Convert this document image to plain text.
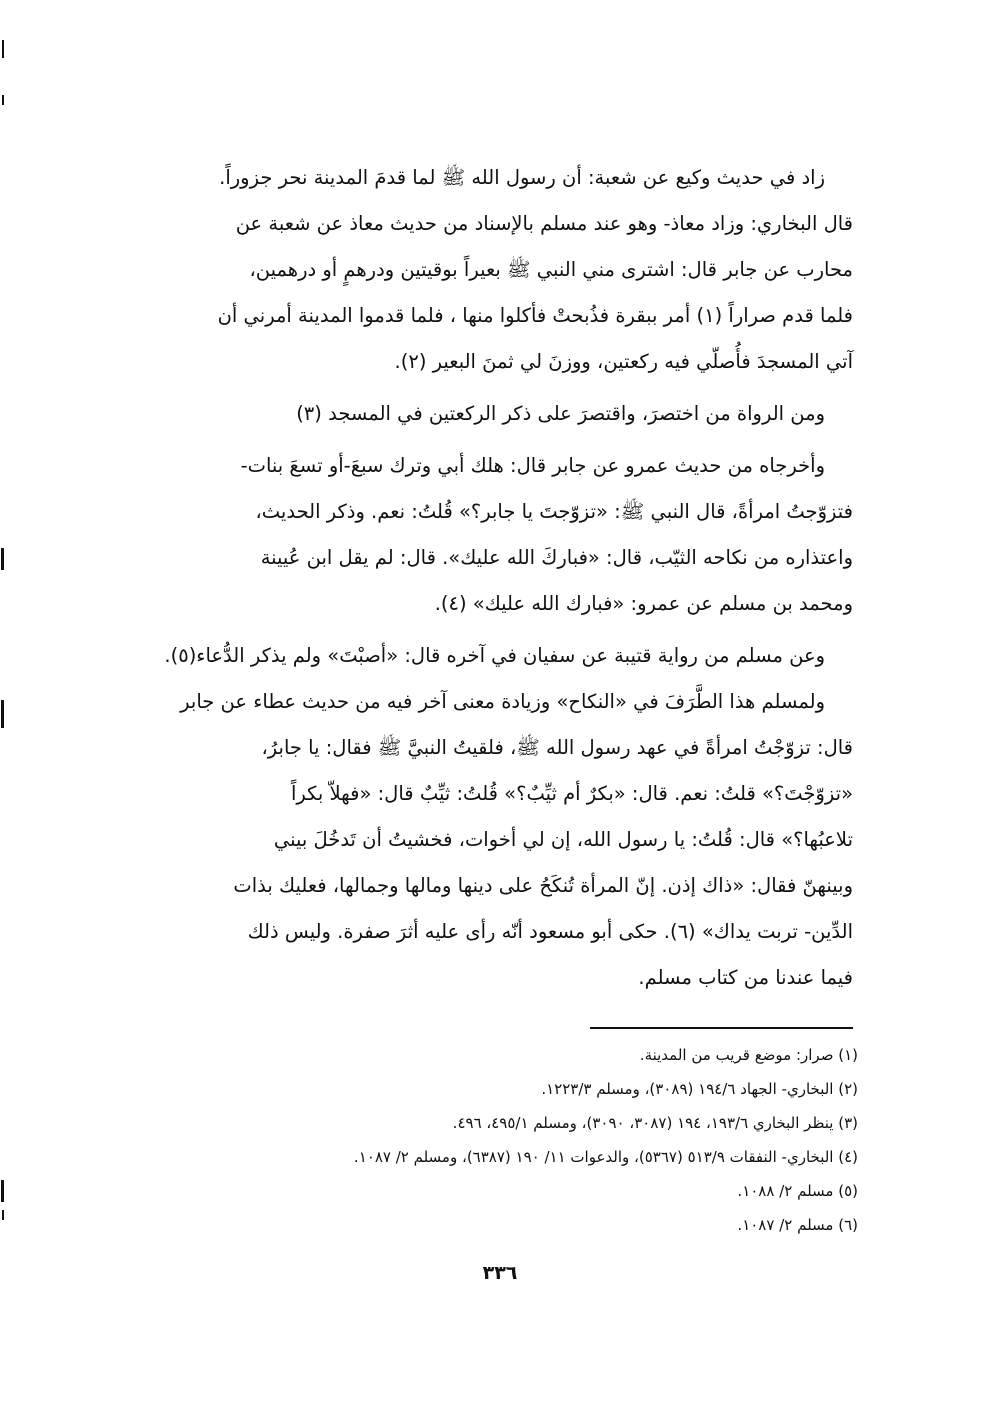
زاد في حديث وكيع عن شعبة: أن رسول الله ﷺ لما قدمَ المدينة نحر جزوراً.

قال البخاري: وزاد معاذ- وهو عند مسلم بالإسناد من حديث معاذ عن شعبة عن

محارب عن جابر قال: اشترى مني النبي ﷺ بعيراً بوقيتين ودرهمٍ أو درهمين،

فلما قدم صراراً (١) أمر ببقرة فذُبحتْ فأكلوا منها ، فلما قدموا المدينة أمرني أن

آتي المسجدَ فأُصلّي فيه ركعتين، ووزنَ لي ثمنَ البعير (٢).

ومن الرواة من اختصرَ، واقتصرَ على ذكر الركعتين في المسجد (٣)

وأخرجاه من حديث عمرو عن جابر قال: هلك أبي وترك سبعَ-أو تسعَ بنات-

فتزوّجتُ امرأةً، قال النبي ﷺ: «تزوّجتَ يا جابر؟» قُلتُ: نعم. وذكر الحديث،

واعتذاره من نكاحه الثيّب، قال: «فباركَ الله عليك». قال: لم يقل ابن عُيينة

ومحمد بن مسلم عن عمرو: «فبارك الله عليك» (٤).

وعن مسلم من رواية قتيبة عن سفيان في آخره قال: «أصبْتَ» ولم يذكر الدُّعاء(٥).

ولمسلم هذا الطَّرَفَ في «النكاح» وزيادة معنى آخر فيه من حديث عطاء عن جابر

قال: تزوّجْتُ امرأةً في عهد رسول الله ﷺ، فلقيتُ النبيَّ ﷺ فقال: يا جابرُ،

«تزوّجْتَ؟» قلتُ: نعم. قال: «بكرٌ أم ثيِّبٌ؟» قُلتُ: ثيِّبٌ قال: «فهلاّ بكراً

تلاعبُها؟» قال: قُلتُ: يا رسول الله، إن لي أخوات، فخشيتُ أن تَدخُلَ بيني

وبينهنّ فقال: «ذاك إذن. إنّ المرأة تُنكَحُ على دينها ومالها وجمالها، فعليك بذات

الدِّين- تربت يداك» (٦). حكى أبو مسعود أنّه رأى عليه أثرَ صفرة. وليس ذلك

فيما عندنا من كتاب مسلم.

(١) صرار: موضع قريب من المدينة.

(٢) البخاري- الجهاد ١٩٤/٦ (٣٠٨٩)، ومسلم ١٢٢٣/٣.

(٣) ينظر البخاري ١٩٣/٦، ١٩٤ (٣٠٨٧، ٣٠٩٠)، ومسلم ٤٩٥/١، ٤٩٦.

(٤) البخاري- النفقات ٥١٣/٩ (٥٣٦٧)، والدعوات ١١/ ١٩٠ (٦٣٨٧)، ومسلم ٢/ ١٠٨٧.

(٥) مسلم ٢/ ١٠٨٨.

(٦) مسلم ٢/ ١٠٨٧.

٣٣٦
